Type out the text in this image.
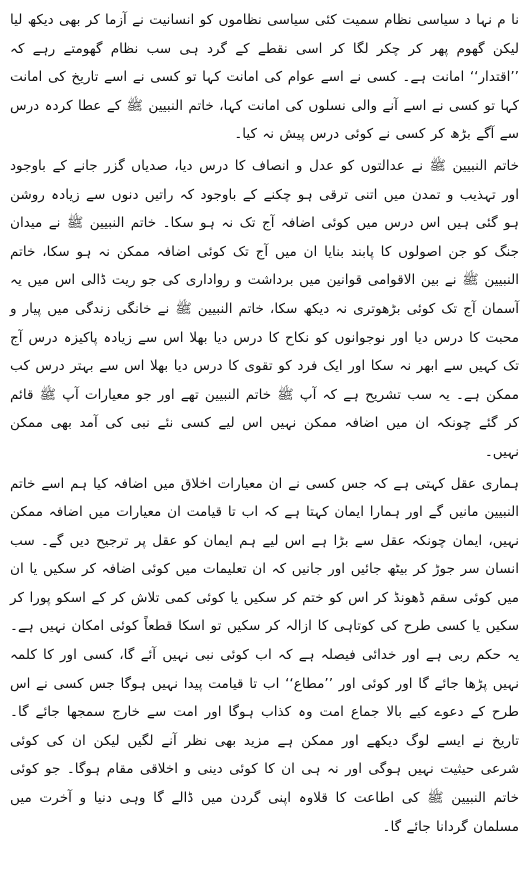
نا م نہا د سیاسی نظام سمیت کئی سیاسی نظاموں کو انسانیت نے آزما کر بھی دیکھ لیا لیکن گھوم پھر کر چکر لگا کر اسی نقطے کے گرد ہی سب نظام گھومتے رہے کہ ’’اقتدار‘‘ امانت ہے۔ کسی نے اسے عوام کی امانت کہا تو کسی نے اسے تاریخ کی امانت کہا تو کسی نے اسے آنے والی نسلوں کی امانت کہا، خاتم النبیین ﷺ کے عطا کردہ درس سے آگے بڑھ کر کسی نے کوئی درس پیش نہ کیا۔

خاتم النبیین ﷺ نے عدالتوں کو عدل و انصاف کا درس دیا، صدیاں گزر جانے کے باوجود اور تہذیب و تمدن میں اتنی ترقی ہو چکنے کے باوجود کہ راتیں دنوں سے زیادہ روشن ہو گئی ہیں اس درس میں کوئی اضافہ آج تک نہ ہو سکا۔ خاتم النبیین ﷺ نے میدان جنگ کو جن اصولوں کا پابند بنایا ان میں آج تک کوئی اضافہ ممکن نہ ہو سکا، خاتم النبیین ﷺ نے بین الاقوامی قوانین میں برداشت و رواداری کی جو ریت ڈالی اس میں یہ آسمان آج تک کوئی بڑھوتری نہ دیکھ سکا، خاتم النبیین ﷺ نے خانگی زندگی میں پیار و محبت کا درس دیا اور نوجوانوں کو نکاح کا درس دیا بھلا اس سے زیادہ پاکیزہ درس آج تک کہیں سے ابھر نہ سکا اور ایک فرد کو تقوی کا درس دیا بھلا اس سے بہتر درس کب ممکن ہے۔ یہ سب تشریح ہے کہ آپ ﷺ خاتم النبیین تھے اور جو معیارات آپ ﷺ قائم کر گئے چونکہ ان میں اضافہ ممکن نہیں اس لیے کسی نئے نبی کی آمد بھی ممکن نہیں۔

ہماری عقل کہتی ہے کہ جس کسی نے ان معیارات اخلاق میں اضافہ کیا ہم اسے خاتم النبیین مانیں گے اور ہمارا ایمان کہتا ہے کہ اب تا قیامت ان معیارات میں اضافہ ممکن نہیں، ایمان چونکہ عقل سے بڑا ہے اس لیے ہم ایمان کو عقل پر ترجیح دیں گے۔ سب انسان سر جوڑ کر بیٹھ جائیں اور جانیں کہ ان تعلیمات میں کوئی اضافہ کر سکیں یا ان میں کوئی سقم ڈھونڈ کر اس کو ختم کر سکیں یا کوئی کمی تلاش کر کے اسکو پورا کر سکیں یا کسی طرح کی کوتاہی کا ازالہ کر سکیں تو اسکا قطعاً کوئی امکان نہیں ہے۔ یہ حکم ربی ہے اور خدائی فیصلہ ہے کہ اب کوئی نبی نہیں آئے گا، کسی اور کا کلمہ نہیں پڑھا جائے گا اور کوئی اور ’’مطاع‘‘ اب تا قیامت پیدا نہیں ہوگا جس کسی نے اس طرح کے دعوے کیے بالا جماع امت وہ کذاب ہوگا اور امت سے خارج سمجھا جائے گا۔ تاریخ نے ایسے لوگ دیکھے اور ممکن ہے مزید بھی نظر آنے لگیں لیکن ان کی کوئی شرعی حیثیت نہیں ہوگی اور نہ ہی ان کا کوئی دینی و اخلاقی مقام ہوگا۔ جو کوئی خاتم النبیین ﷺ کی اطاعت کا قلاوہ اپنی گردن میں ڈالے گا وہی دنیا و آخرت میں مسلمان گردانا جائے گا۔
